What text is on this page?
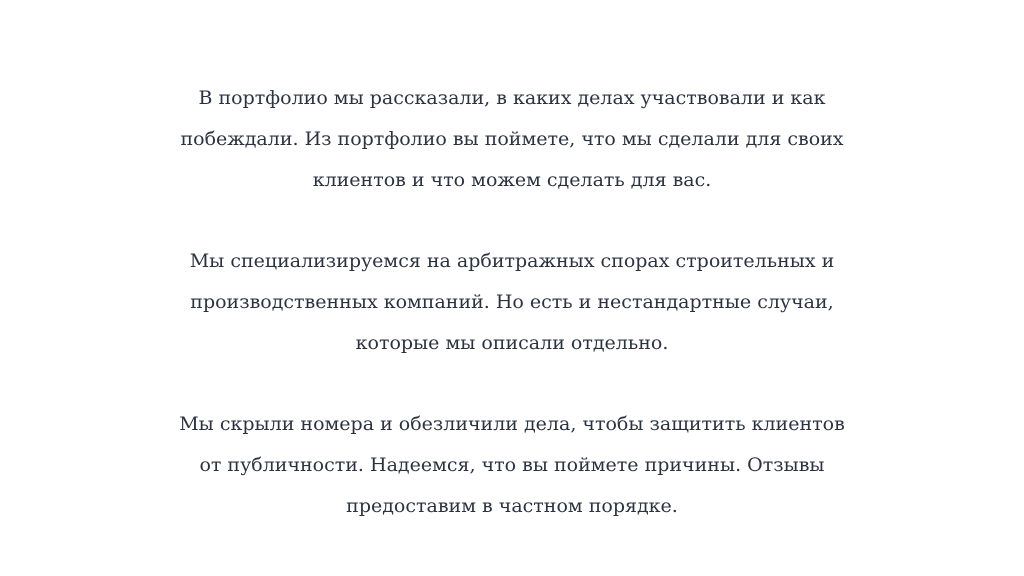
В портфолио мы рассказали, в каких делах участвовали и как
побеждали. Из портфолио вы поймете, что мы сделали для своих
клиентов и что можем сделать для вас.

Мы специализируемся на арбитражных спорах строительных и
производственных компаний. Но есть и нестандартные случаи,
которые мы описали отдельно.

Мы скрыли номера и обезличили дела, чтобы защитить клиентов
от публичности. Надеемся, что вы поймете причины. Отзывы
предоставим в частном порядке.
